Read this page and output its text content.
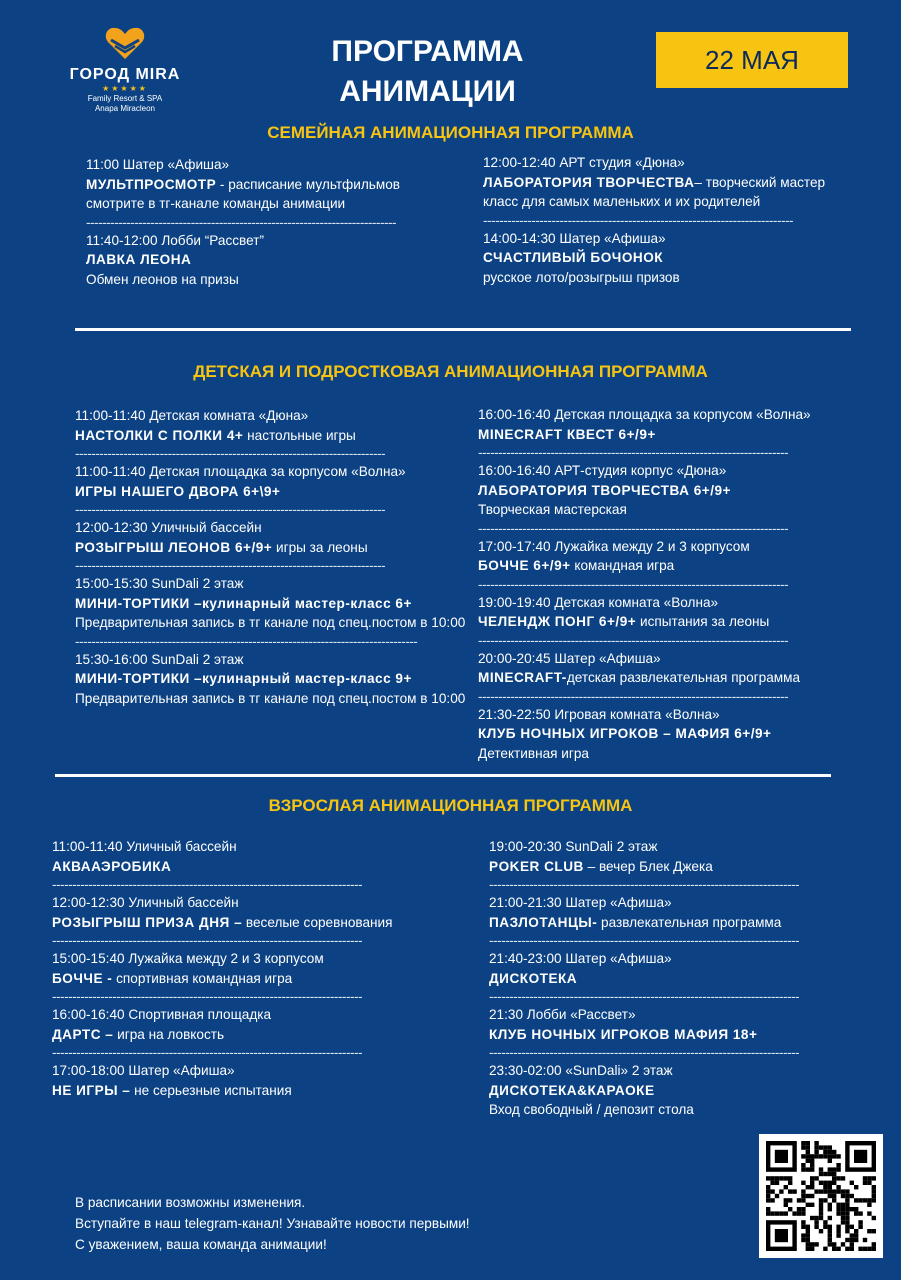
ГОРОД MIRA
★★★★★
Family Resort & SPA
Anapa Miracleon
ПРОГРАММА
АНИМАЦИИ
22 МАЯ
СЕМЕЙНАЯ АНИМАЦИОННАЯ ПРОГРАММА
11:00 Шатер «Афиша»
МУЛЬТПРОСМОТР - расписание мультфильмов смотрите в тг-канале команды анимации
-----------------------------------------------------------------------------
11:40-12:00 Лобби “Рассвет”
ЛАВКА ЛЕОНА
Обмен леонов на призы
12:00-12:40 АРТ студия «Дюна»
ЛАБОРАТОРИЯ ТВОРЧЕСТВА– творческий мастер класс для самых маленьких и их родителей
-----------------------------------------------------------------------------
14:00-14:30 Шатер «Афиша»
СЧАСТЛИВЫЙ БОЧОНОК
русское лото/розыгрыш призов
ДЕТСКАЯ И ПОДРОСТКОВАЯ АНИМАЦИОННАЯ ПРОГРАММА
11:00-11:40 Детская комната «Дюна»
НАСТОЛКИ С ПОЛКИ 4+ настольные игры
-----------------------------------------------------------------------------
11:00-11:40 Детская площадка за корпусом «Волна»
ИГРЫ НАШЕГО ДВОРА 6+\9+
-----------------------------------------------------------------------------
12:00-12:30 Уличный бассейн
РОЗЫГРЫШ ЛЕОНОВ 6+/9+ игры за леоны
-----------------------------------------------------------------------------
15:00-15:30 SunDali 2 этаж
МИНИ-ТОРТИКИ –кулинарный мастер-класс 6+
Предварительная запись в тг канале под спец.постом в 10:00
-------------------------------------------------------------------------------------
15:30-16:00 SunDali 2 этаж
МИНИ-ТОРТИКИ –кулинарный мастер-класс 9+
Предварительная запись в тг канале под спец.постом в 10:00
16:00-16:40 Детская площадка за корпусом «Волна»
MINECRAFT КВЕСТ 6+/9+
-----------------------------------------------------------------------------
16:00-16:40 АРТ-студия корпус «Дюна»
ЛАБОРАТОРИЯ ТВОРЧЕСТВА 6+/9+
Творческая мастерская
-----------------------------------------------------------------------------
17:00-17:40 Лужайка между 2 и 3 корпусом
БОЧЧЕ 6+/9+ командная игра
-----------------------------------------------------------------------------
19:00-19:40 Детская комната «Волна»
ЧЕЛЕНДЖ ПОНГ 6+/9+ испытания за леоны
-----------------------------------------------------------------------------
20:00-20:45 Шатер «Афиша»
MINECRAFT-детская развлекательная программа
-----------------------------------------------------------------------------
21:30-22:50 Игровая комната «Волна»
КЛУБ НОЧНЫХ ИГРОКОВ – МАФИЯ 6+/9+
Детективная игра
ВЗРОСЛАЯ АНИМАЦИОННАЯ ПРОГРАММА
11:00-11:40 Уличный бассейн
АКВААЭРОБИКА
-----------------------------------------------------------------------------
12:00-12:30 Уличный бассейн
РОЗЫГРЫШ ПРИЗА ДНЯ – веселые соревнования
-----------------------------------------------------------------------------
15:00-15:40 Лужайка между 2 и 3 корпусом
БОЧЧЕ - спортивная командная игра
-----------------------------------------------------------------------------
16:00-16:40 Спортивная площадка
ДАРТС – игра на ловкость
-----------------------------------------------------------------------------
17:00-18:00 Шатер «Афиша»
НЕ ИГРЫ – не серьезные испытания
19:00-20:30 SunDali 2 этаж
POKER CLUB – вечер Блек Джека
-----------------------------------------------------------------------------
21:00-21:30 Шатер «Афиша»
ПАЗЛОТАНЦЫ- развлекательная программа
-----------------------------------------------------------------------------
21:40-23:00 Шатер «Афиша»
ДИСКОТЕКА
-----------------------------------------------------------------------------
21:30 Лобби «Рассвет»
КЛУБ НОЧНЫХ ИГРОКОВ МАФИЯ 18+
-----------------------------------------------------------------------------
23:30-02:00 «SunDali» 2 этаж
ДИСКОТЕКА&КАРАОКЕ
Вход свободный / депозит стола
В расписании возможны изменения.
Вступайте в наш telegram-канал! Узнавайте новости первыми!
С уважением, ваша команда анимации!
